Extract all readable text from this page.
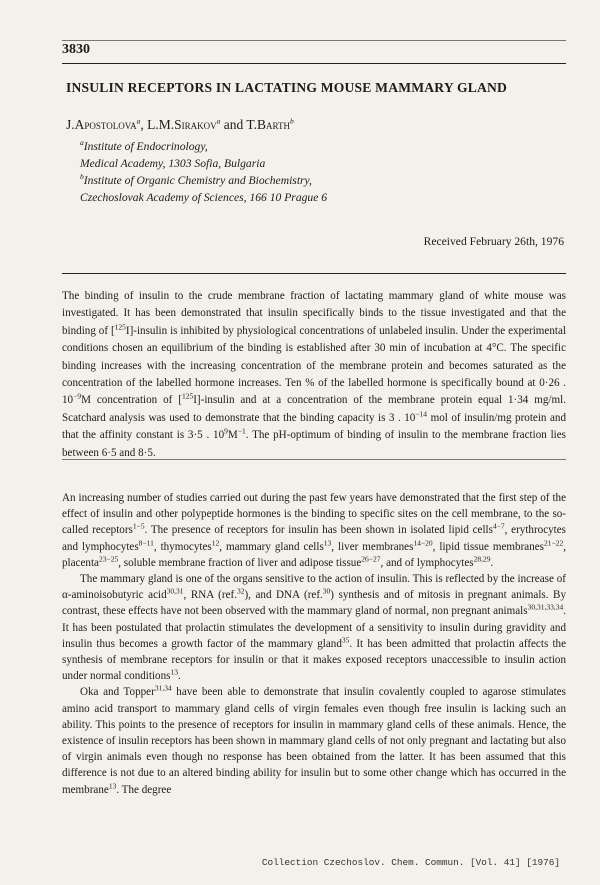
3830
INSULIN RECEPTORS IN LACTATING MOUSE MAMMARY GLAND
J.Apostolova$^a$, L.M.Sirakov$^a$ and T.Barth$^b$
$^a$Institute of Endocrinology,
Medical Academy, 1303 Sofia, Bulgaria
$^b$Institute of Organic Chemistry and Biochemistry,
Czechoslovak Academy of Sciences, 166 10 Prague 6
Received February 26th, 1976

The binding of insulin to the crude membrane fraction of lactating mammary gland of white mouse was investigated. It has been demonstrated that insulin specifically binds to the tissue investigated and that the binding of [$^{125}$I]-insulin is inhibited by physiological concentrations of unlabeled insulin. Under the experimental conditions chosen an equilibrium of the binding is established after 30 min of incubation at 4°C. The specific binding increases with the increasing concentration of the membrane protein and becomes saturated as the concentration of the labelled hormone increases. Ten % of the labelled hormone is specifically bound at 0·26 . $10^{-9}M$ concentration of [$^{125}$I]-insulin and at a concentration of the membrane protein equal 1·34 mg/ml. Scatchard analysis was used to demonstrate that the binding capacity is 3 . $10^{-14}$ mol of insulin/mg protein and that the affinity constant is 3·5 . $10^9M^{-1}$. The pH-optimum of binding of insulin to the membrane fraction lies between 6·5 and 8·5.

An increasing number of studies carried out during the past few years have demonstrated that the first step of the effect of insulin and other polypeptide hormones is the binding to specific sites on the cell membrane, to the so-called receptors$^{1-5}$. The presence of receptors for insulin has been shown in isolated lipid cells$^{4-7}$, erythrocytes and lymphocytes$^{8-11}$, thymocytes$^{12}$, mammary gland cells$^{13}$, liver membranes$^{14-20}$, lipid tissue membranes$^{21-22}$, placenta$^{23-25}$, soluble membrane fraction of liver and adipose tissue$^{26-27}$, and of lymphocytes$^{28,29}$.

The mammary gland is one of the organs sensitive to the action of insulin. This is reflected by the increase of α-aminoisobutyric acid$^{30,31}$, RNA (ref.$^{32}$), and DNA (ref.$^{30}$) synthesis and of mitosis in pregnant animals. By contrast, these effects have not been observed with the mammary gland of normal, non pregnant animals$^{30,31,33,34}$. It has been postulated that prolactin stimulates the development of a sensitivity to insulin during gravidity and insulin thus becomes a growth factor of the mammary gland$^{35}$. It has been admitted that prolactin affects the synthesis of membrane receptors for insulin or that it makes exposed receptors unaccessible to insulin action under normal conditions$^{13}$.

Oka and Topper$^{31,34}$ have been able to demonstrate that insulin covalently coupled to agarose stimulates amino acid transport to mammary gland cells of virgin females even though free insulin is lacking such an ability. This points to the presence of receptors for insulin in mammary gland cells of these animals. Hence, the existence of insulin receptors has been shown in mammary gland cells of not only pregnant and lactating but also of virgin animals even though no response has been obtained from the latter. It has been assumed that this difference is not due to an altered binding ability for insulin but to some other change which has occurred in the membrane$^{13}$. The degree

Collection Czechoslov. Chem. Commun. [Vol. 41] [1976]
